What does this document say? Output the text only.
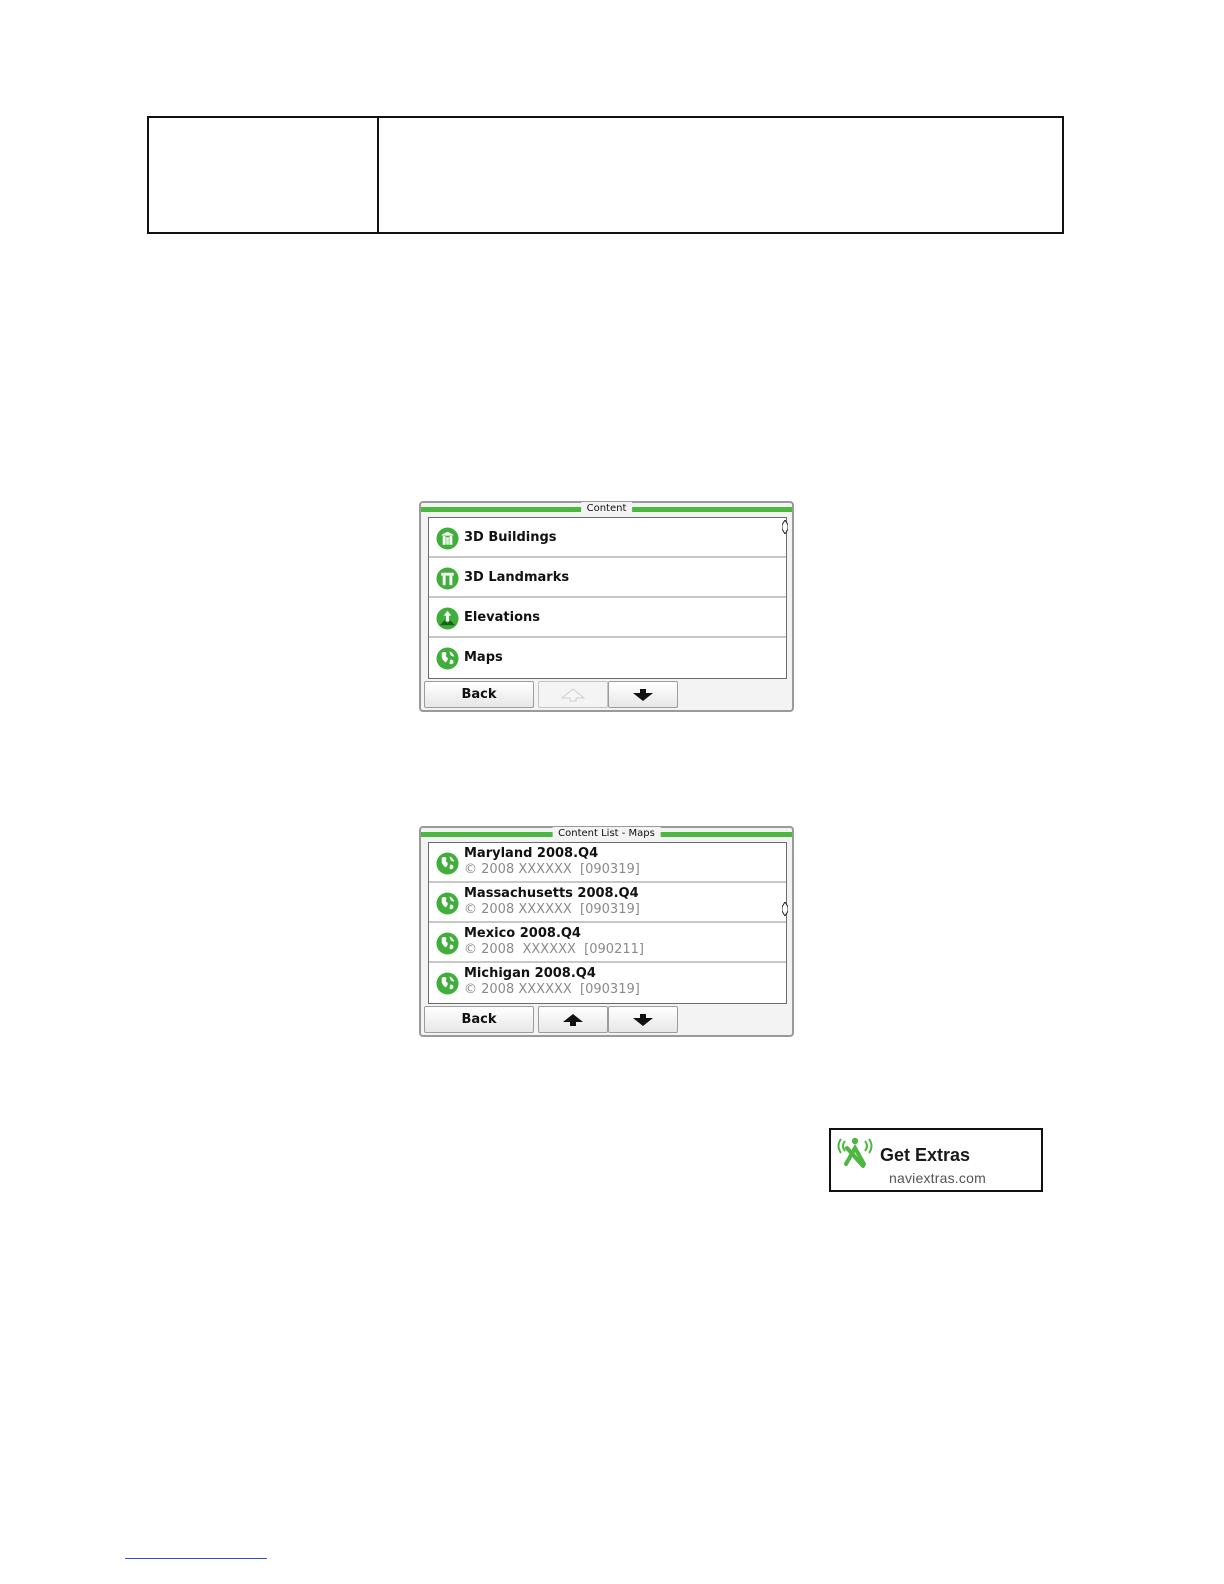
Content
3D Buildings
3D Landmarks
Elevations
Maps
Back
Content List - Maps
Maryland 2008.Q4
© 2008 XXXXXX  [090319]
Massachusetts 2008.Q4
© 2008 XXXXXX  [090319]
Mexico 2008.Q4
© 2008  XXXXXX  [090211]
Michigan 2008.Q4
© 2008 XXXXXX  [090319]
Back
Get Extras
naviextras.com
